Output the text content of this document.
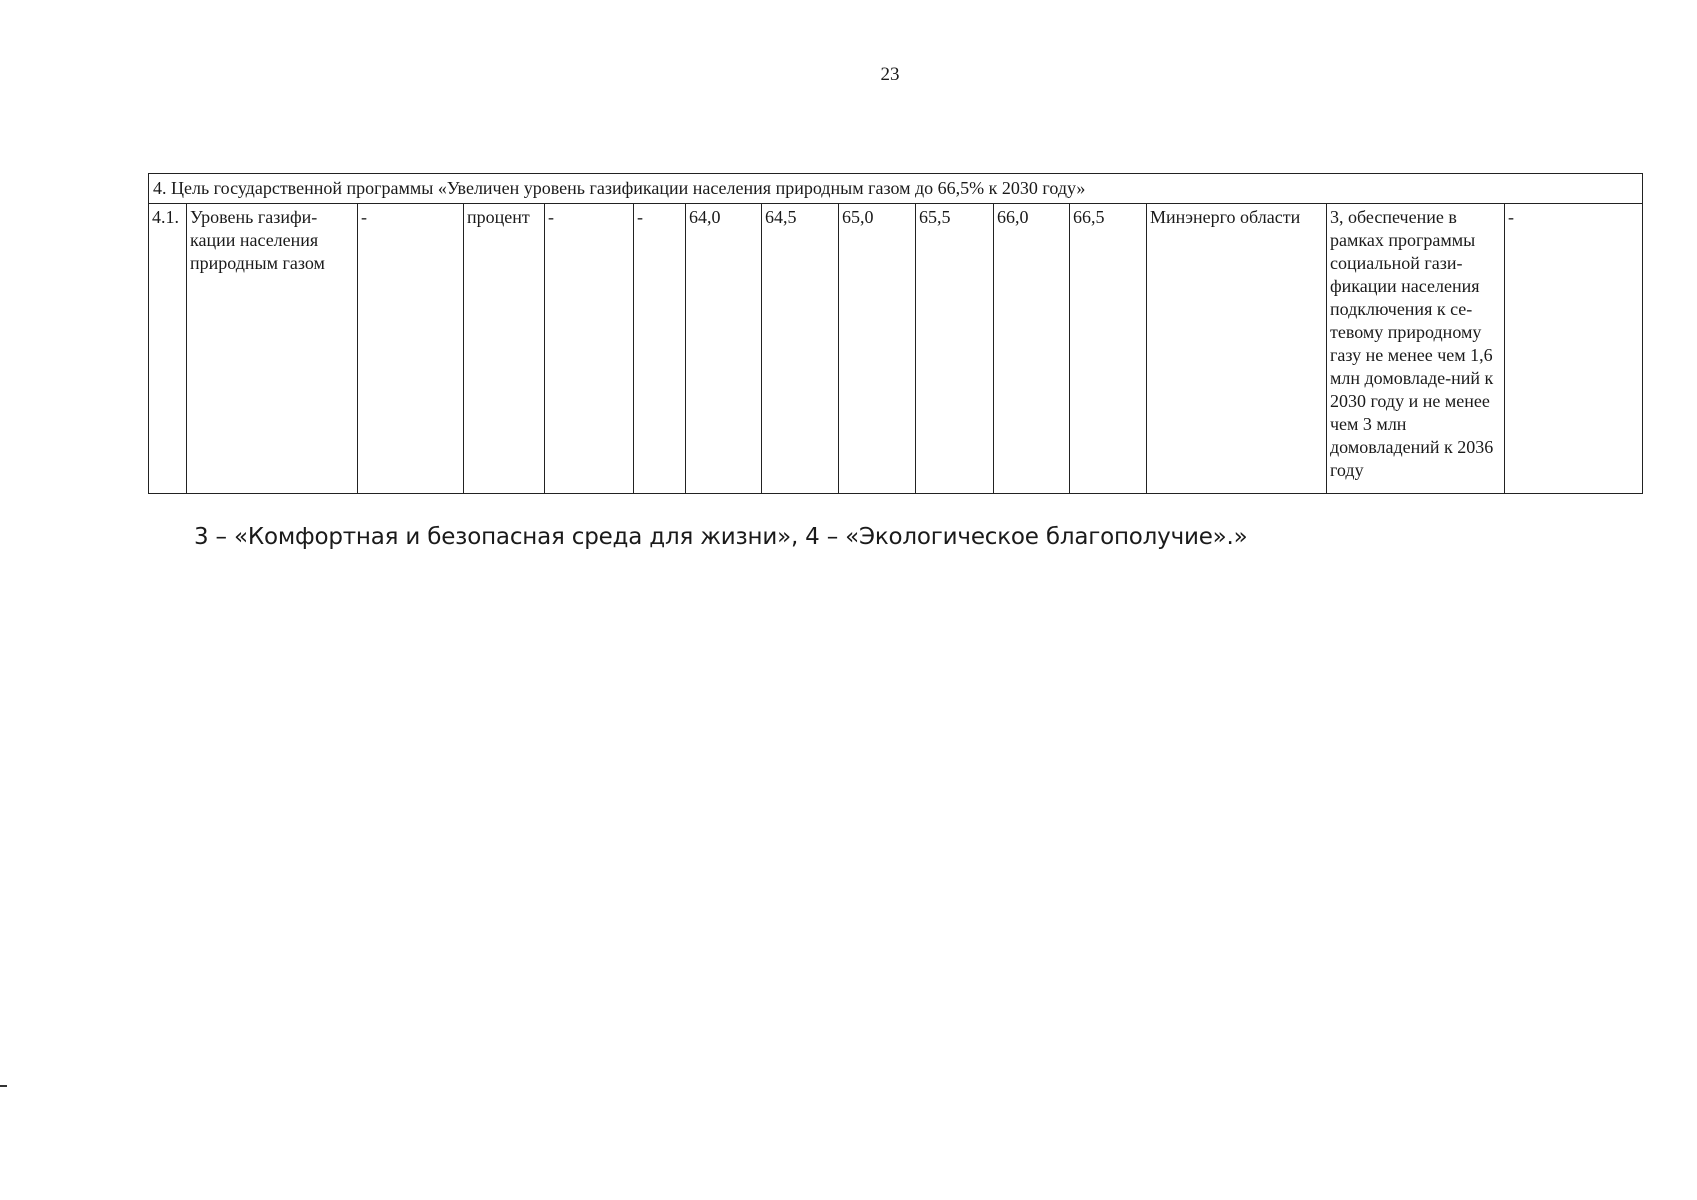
23
4. Цель государственной программы «Увеличен уровень газификации населения природным газом до 66,5% к 2030 году»
4.1.	Уровень газифи-кации населения природным газом	-	процент	-	-	64,0	64,5	65,0	65,5	66,0	66,5	Минэнерго области	3, обеспечение в рамках программы социальной гази-фикации населения подключения к се-тевому природному газу не менее чем 1,6 млн домовладе-ний к 2030 году и не менее чем 3 млн домовладений к 2036 году	-
3 – «Комфортная и безопасная среда для жизни», 4 – «Экологическое благополучие».»
